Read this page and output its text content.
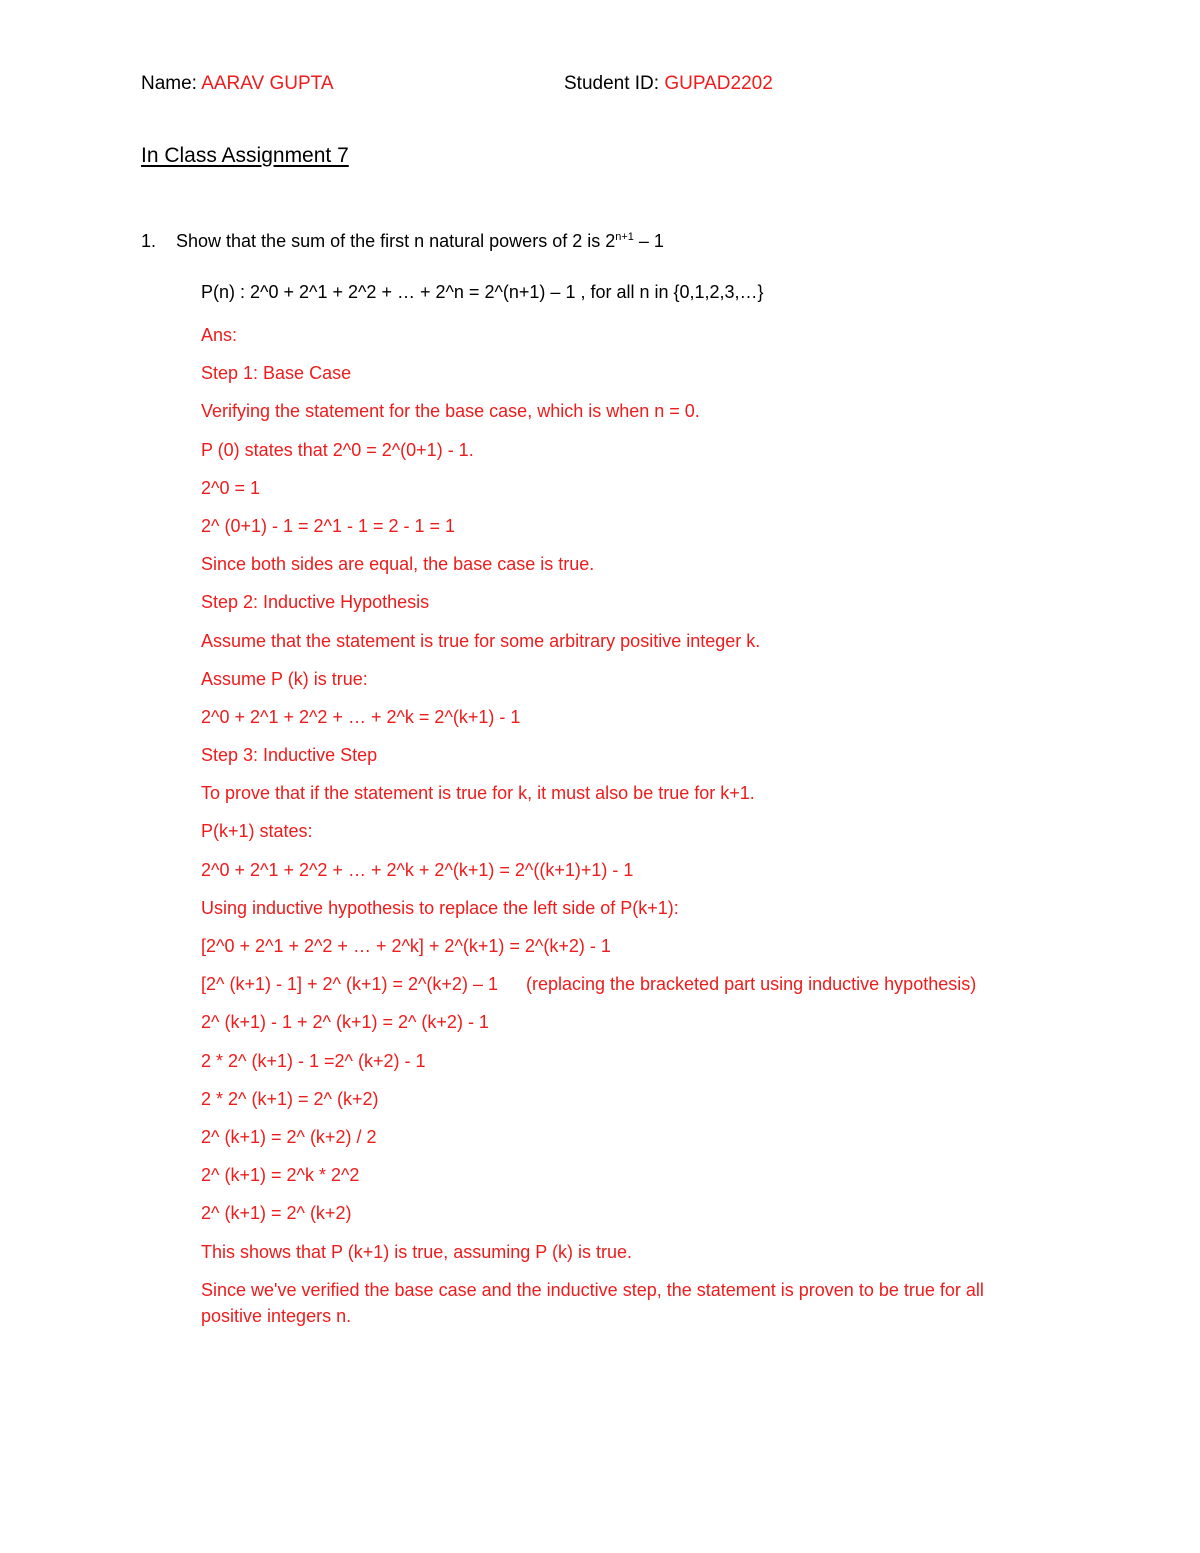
Name: AARAV GUPTA	Student ID: GUPAD2202
In Class Assignment 7
1. Show that the sum of the first n natural powers of 2 is $2^{n+1} - 1$
P(n) : 2^0 + 2^1 + 2^2 + … + 2^n = 2^(n+1) – 1 , for all n in {0,1,2,3,…}
Ans:
Step 1: Base Case
Verifying the statement for the base case, which is when n = 0.
P (0) states that 2^0 = 2^(0+1) - 1.
2^0 = 1
2^ (0+1) - 1 = 2^1 - 1 = 2 - 1 = 1
Since both sides are equal, the base case is true.
Step 2: Inductive Hypothesis
Assume that the statement is true for some arbitrary positive integer k.
Assume P (k) is true:
2^0 + 2^1 + 2^2 + … + 2^k = 2^(k+1) - 1
Step 3: Inductive Step
To prove that if the statement is true for k, it must also be true for k+1.
P(k+1) states:
2^0 + 2^1 + 2^2 + … + 2^k + 2^(k+1) = 2^((k+1)+1) - 1
Using inductive hypothesis to replace the left side of P(k+1):
[2^0 + 2^1 + 2^2 + … + 2^k] + 2^(k+1) = 2^(k+2) - 1
[2^ (k+1) - 1] + 2^ (k+1) = 2^(k+2) – 1 (replacing the bracketed part using inductive hypothesis)
2^ (k+1) - 1 + 2^ (k+1) = 2^ (k+2) - 1
2 * 2^ (k+1) - 1 =2^ (k+2) - 1
2 * 2^ (k+1) = 2^ (k+2)
2^ (k+1) = 2^ (k+2) / 2
2^ (k+1) = 2^k * 2^2
2^ (k+1) = 2^ (k+2)
This shows that P (k+1) is true, assuming P (k) is true.
Since we've verified the base case and the inductive step, the statement is proven to be true for all positive integers n.
